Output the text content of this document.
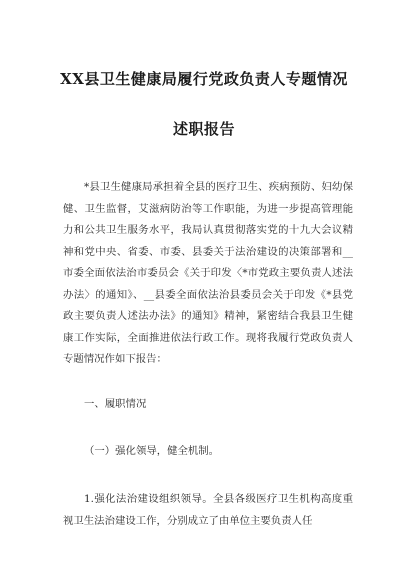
XX县卫生健康局履行党政负责人专题情况
述职报告
*县卫生健康局承担着全县的医疗卫生、疾病预防、妇幼保健、卫生监督，艾滋病防治等工作职能，为进一步提高管理能力和公共卫生服务水平，我局认真贯彻落实党的十九大会议精神和党中央、省委、市委、县委关于法治建设的决策部署和__市委全面依法治市委员会《关于印发〈*市党政主要负责人述法办法〉的通知》、__县委全面依法治县委员会关于印发《*县党政主要负责人述法办法》的通知》精神，紧密结合我县卫生健康工作实际，全面推进依法行政工作。现将我履行党政负责人专题情况作如下报告：
一、履职情况
（一）强化领导，健全机制。
1.强化法治建设组织领导。全县各级医疗卫生机构高度重视卫生法治建设工作，分别成立了由单位主要负责人任
